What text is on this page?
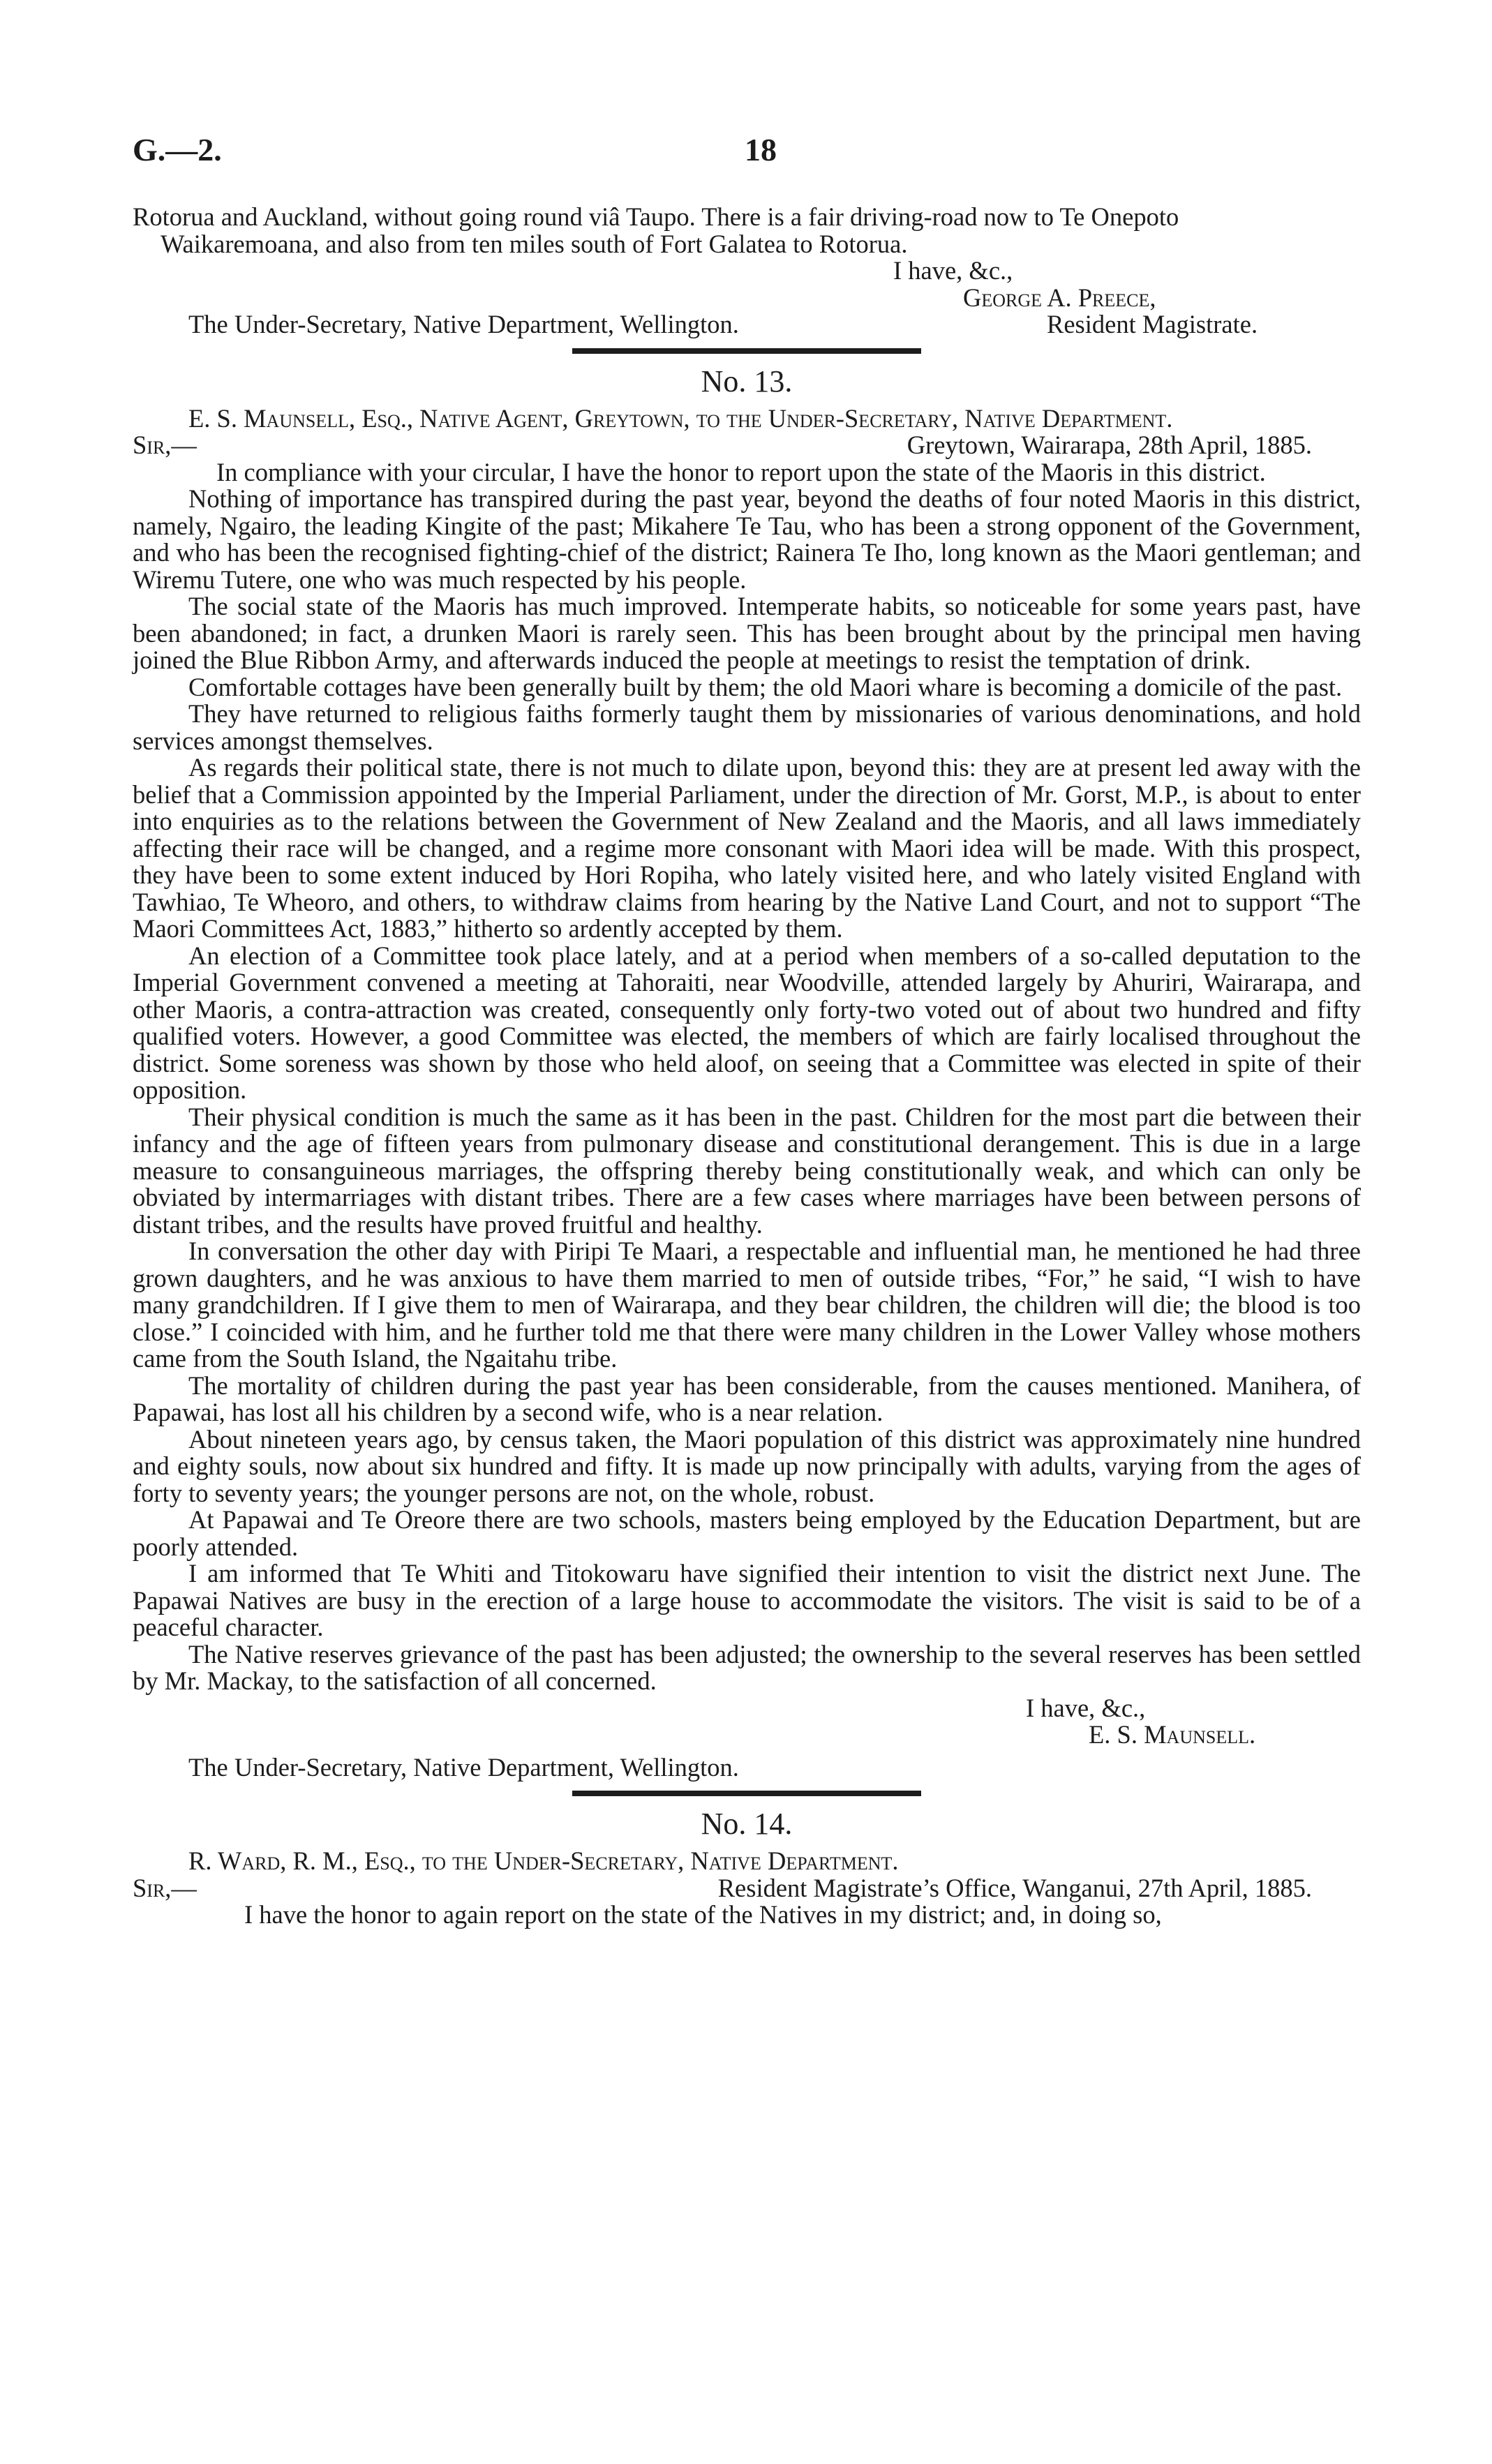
G.—2.	18

Rotorua and Auckland, without going round viâ Taupo. There is a fair driving-road now to Te Onepoto

Waikaremoana, and also from ten miles south of Fort Galatea to Rotorua.

I have, &c.,
George A. Preece,
The Under-Secretary, Native Department, Wellington.	Resident Magistrate.
No. 13.

E. S. Maunsell, Esq., Native Agent, Greytown, to the Under-Secretary, Native Department.

Sir,—	Greytown, Wairarapa, 28th April, 1885.

In compliance with your circular, I have the honor to report upon the state of the Maoris in this district.

Nothing of importance has transpired during the past year, beyond the deaths of four noted Maoris in this district, namely, Ngairo, the leading Kingite of the past; Mikahere Te Tau, who has been a strong opponent of the Government, and who has been the recognised fighting-chief of the district; Rainera Te Iho, long known as the Maori gentleman; and Wiremu Tutere, one who was much respected by his people.

The social state of the Maoris has much improved. Intemperate habits, so noticeable for some years past, have been abandoned; in fact, a drunken Maori is rarely seen. This has been brought about by the principal men having joined the Blue Ribbon Army, and afterwards induced the people at meetings to resist the temptation of drink.

Comfortable cottages have been generally built by them; the old Maori whare is becoming a domicile of the past.

They have returned to religious faiths formerly taught them by missionaries of various denominations, and hold services amongst themselves.

As regards their political state, there is not much to dilate upon, beyond this: they are at present led away with the belief that a Commission appointed by the Imperial Parliament, under the direction of Mr. Gorst, M.P., is about to enter into enquiries as to the relations between the Government of New Zealand and the Maoris, and all laws immediately affecting their race will be changed, and a regime more consonant with Maori idea will be made. With this prospect, they have been to some extent induced by Hori Ropiha, who lately visited here, and who lately visited England with Tawhiao, Te Wheoro, and others, to withdraw claims from hearing by the Native Land Court, and not to support “The Maori Committees Act, 1883,” hitherto so ardently accepted by them.

An election of a Committee took place lately, and at a period when members of a so-called deputation to the Imperial Government convened a meeting at Tahoraiti, near Woodville, attended largely by Ahuriri, Wairarapa, and other Maoris, a contra-attraction was created, consequently only forty-two voted out of about two hundred and fifty qualified voters. However, a good Committee was elected, the members of which are fairly localised throughout the district. Some soreness was shown by those who held aloof, on seeing that a Committee was elected in spite of their opposition.

Their physical condition is much the same as it has been in the past. Children for the most part die between their infancy and the age of fifteen years from pulmonary disease and constitutional derangement. This is due in a large measure to consanguineous marriages, the offspring thereby being constitutionally weak, and which can only be obviated by intermarriages with distant tribes. There are a few cases where marriages have been between persons of distant tribes, and the results have proved fruitful and healthy.

In conversation the other day with Piripi Te Maari, a respectable and influential man, he mentioned he had three grown daughters, and he was anxious to have them married to men of outside tribes, “For,” he said, “I wish to have many grandchildren. If I give them to men of Wairarapa, and they bear children, the children will die; the blood is too close.” I coincided with him, and he further told me that there were many children in the Lower Valley whose mothers came from the South Island, the Ngaitahu tribe.

The mortality of children during the past year has been considerable, from the causes mentioned. Manihera, of Papawai, has lost all his children by a second wife, who is a near relation.

About nineteen years ago, by census taken, the Maori population of this district was approximately nine hundred and eighty souls, now about six hundred and fifty. It is made up now principally with adults, varying from the ages of forty to seventy years; the younger persons are not, on the whole, robust.

At Papawai and Te Oreore there are two schools, masters being employed by the Education Department, but are poorly attended.

I am informed that Te Whiti and Titokowaru have signified their intention to visit the district next June. The Papawai Natives are busy in the erection of a large house to accommodate the visitors. The visit is said to be of a peaceful character.

The Native reserves grievance of the past has been adjusted; the ownership to the several reserves has been settled by Mr. Mackay, to the satisfaction of all concerned.

I have, &c.,
E. S. Maunsell.
The Under-Secretary, Native Department, Wellington.
No. 14.

R. Ward, R. M., Esq., to the Under-Secretary, Native Department.

Sir,—	Resident Magistrate’s Office, Wanganui, 27th April, 1885.

I have the honor to again report on the state of the Natives in my district; and, in doing so,
